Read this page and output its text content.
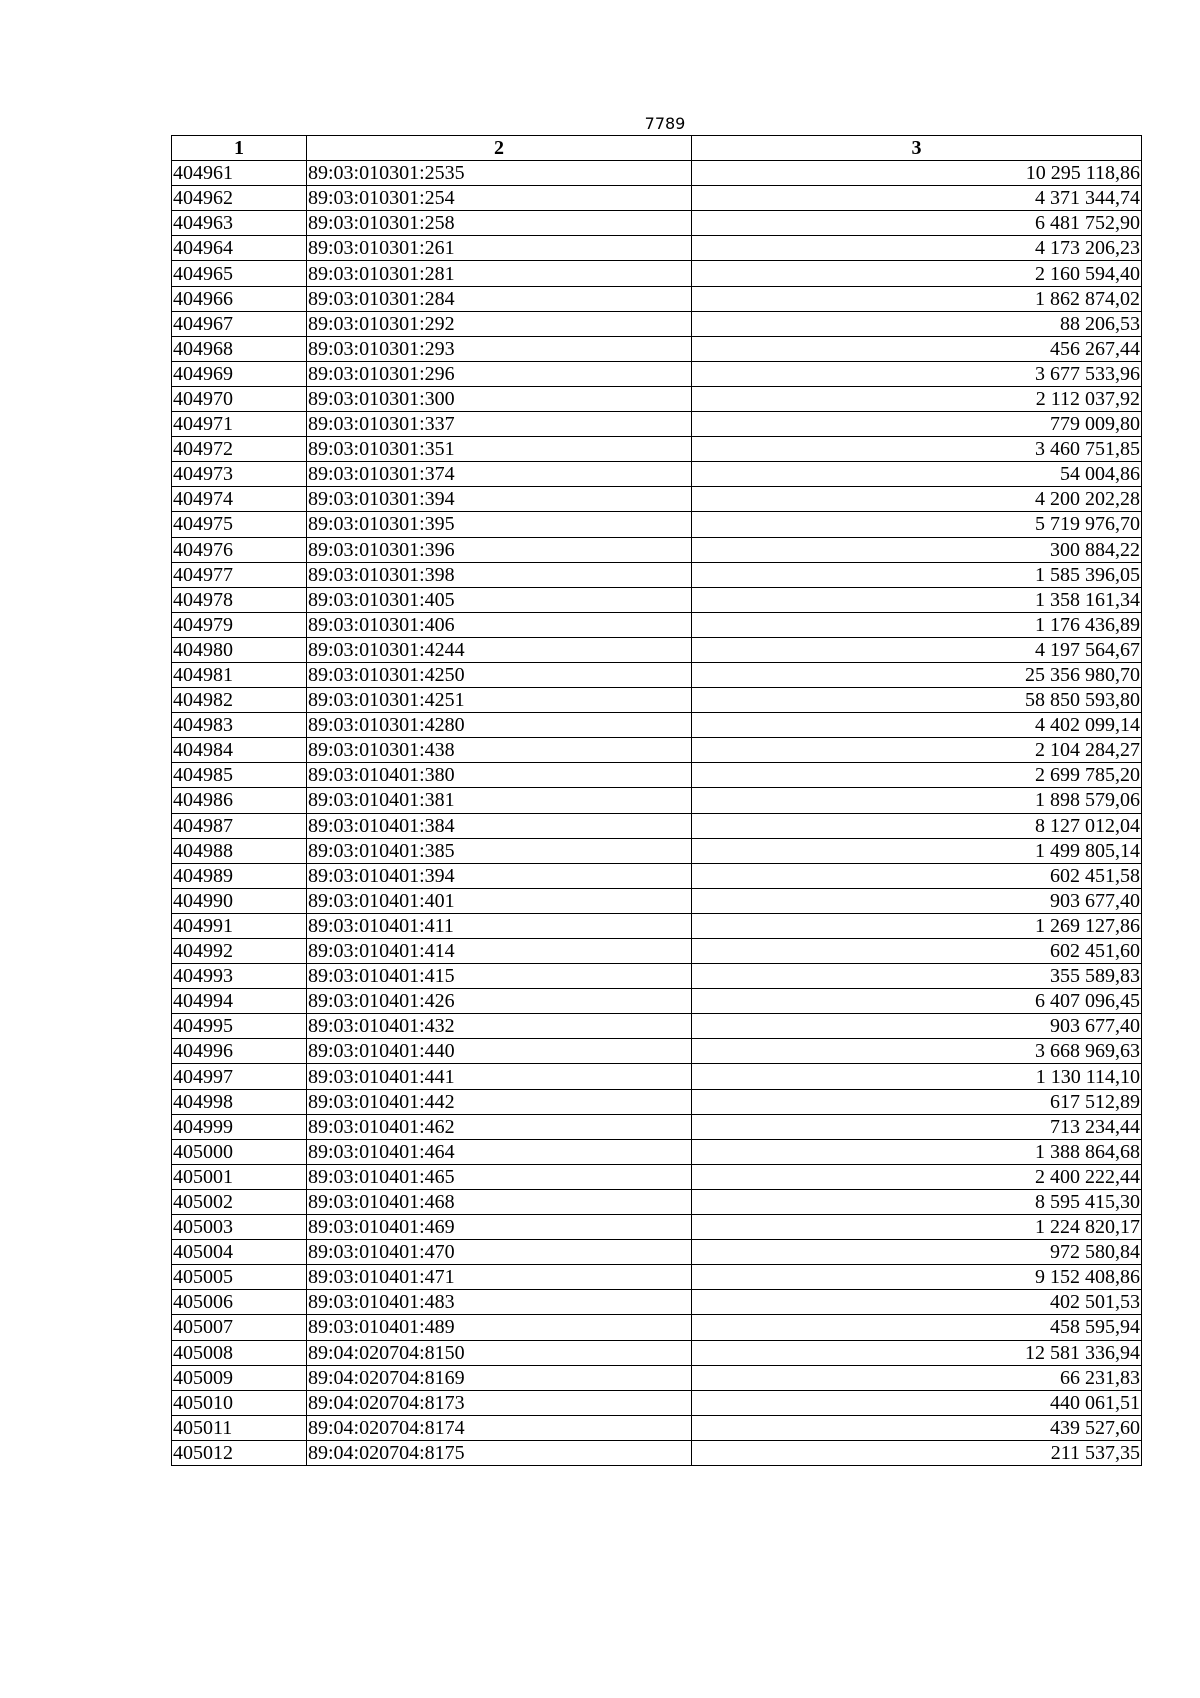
7789
1	2	3
404961	89:03:010301:2535	10 295 118,86
404962	89:03:010301:254	4 371 344,74
404963	89:03:010301:258	6 481 752,90
404964	89:03:010301:261	4 173 206,23
404965	89:03:010301:281	2 160 594,40
404966	89:03:010301:284	1 862 874,02
404967	89:03:010301:292	88 206,53
404968	89:03:010301:293	456 267,44
404969	89:03:010301:296	3 677 533,96
404970	89:03:010301:300	2 112 037,92
404971	89:03:010301:337	779 009,80
404972	89:03:010301:351	3 460 751,85
404973	89:03:010301:374	54 004,86
404974	89:03:010301:394	4 200 202,28
404975	89:03:010301:395	5 719 976,70
404976	89:03:010301:396	300 884,22
404977	89:03:010301:398	1 585 396,05
404978	89:03:010301:405	1 358 161,34
404979	89:03:010301:406	1 176 436,89
404980	89:03:010301:4244	4 197 564,67
404981	89:03:010301:4250	25 356 980,70
404982	89:03:010301:4251	58 850 593,80
404983	89:03:010301:4280	4 402 099,14
404984	89:03:010301:438	2 104 284,27
404985	89:03:010401:380	2 699 785,20
404986	89:03:010401:381	1 898 579,06
404987	89:03:010401:384	8 127 012,04
404988	89:03:010401:385	1 499 805,14
404989	89:03:010401:394	602 451,58
404990	89:03:010401:401	903 677,40
404991	89:03:010401:411	1 269 127,86
404992	89:03:010401:414	602 451,60
404993	89:03:010401:415	355 589,83
404994	89:03:010401:426	6 407 096,45
404995	89:03:010401:432	903 677,40
404996	89:03:010401:440	3 668 969,63
404997	89:03:010401:441	1 130 114,10
404998	89:03:010401:442	617 512,89
404999	89:03:010401:462	713 234,44
405000	89:03:010401:464	1 388 864,68
405001	89:03:010401:465	2 400 222,44
405002	89:03:010401:468	8 595 415,30
405003	89:03:010401:469	1 224 820,17
405004	89:03:010401:470	972 580,84
405005	89:03:010401:471	9 152 408,86
405006	89:03:010401:483	402 501,53
405007	89:03:010401:489	458 595,94
405008	89:04:020704:8150	12 581 336,94
405009	89:04:020704:8169	66 231,83
405010	89:04:020704:8173	440 061,51
405011	89:04:020704:8174	439 527,60
405012	89:04:020704:8175	211 537,35
